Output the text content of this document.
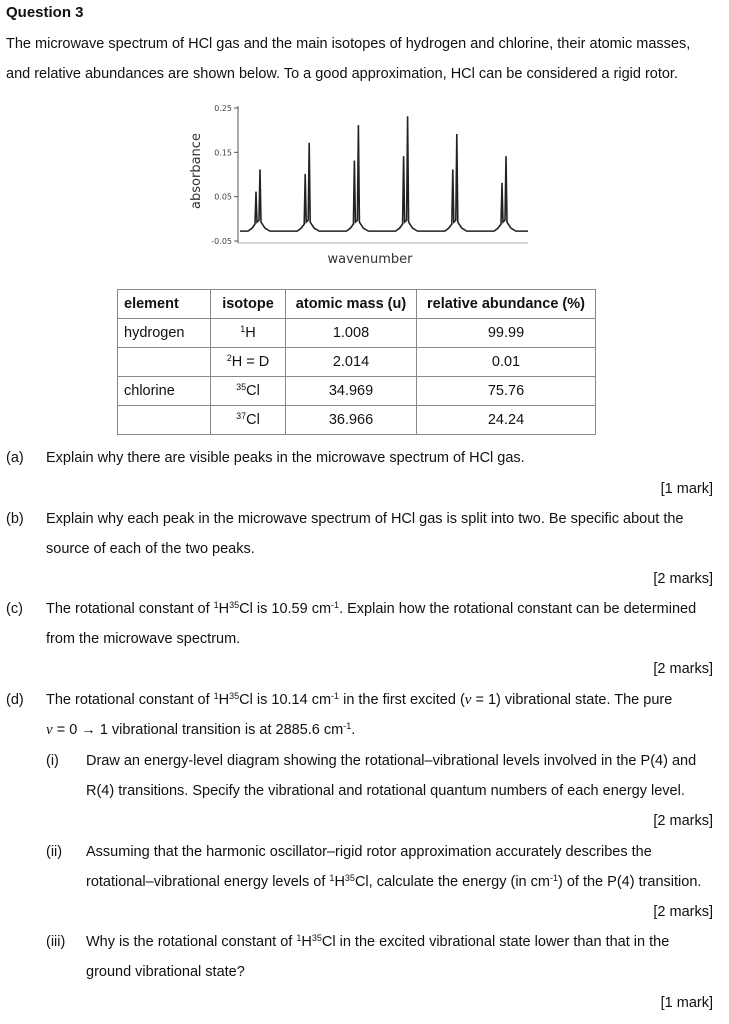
Question 3
The microwave spectrum of HCl gas and the main isotopes of hydrogen and chlorine, their atomic masses,
and relative abundances are shown below. To a good approximation, HCl can be considered a rigid rotor.
absorbance
wavenumber
0.25
0.15
0.05
-0.05
element	isotope	atomic mass (u)	relative abundance (%)
hydrogen	$^1$H	1.008	99.99
	$^2$H = D	2.014	0.01
chlorine	$^{35}$Cl	34.969	75.76
	$^{37}$Cl	36.966	24.24
(a) Explain why there are visible peaks in the microwave spectrum of HCl gas.
[1 mark]
(b) Explain why each peak in the microwave spectrum of HCl gas is split into two. Be specific about the
source of each of the two peaks.
[2 marks]
(c) The rotational constant of $^1H^{35}Cl$ is 10.59 $cm^{-1}$. Explain how the rotational constant can be determined
from the microwave spectrum.
[2 marks]
(d) The rotational constant of $^1H^{35}Cl$ is 10.14 $cm^{-1}$ in the first excited (v = 1) vibrational state. The pure
v = 0 → 1 vibrational transition is at 2885.6 $cm^{-1}$.
(i) Draw an energy-level diagram showing the rotational–vibrational levels involved in the P(4) and
R(4) transitions. Specify the vibrational and rotational quantum numbers of each energy level.
[2 marks]
(ii) Assuming that the harmonic oscillator–rigid rotor approximation accurately describes the
rotational–vibrational energy levels of $^1H^{35}Cl$, calculate the energy (in $cm^{-1}$) of the P(4) transition.
[2 marks]
(iii) Why is the rotational constant of $^1H^{35}Cl$ in the excited vibrational state lower than that in the
ground vibrational state?
[1 mark]
